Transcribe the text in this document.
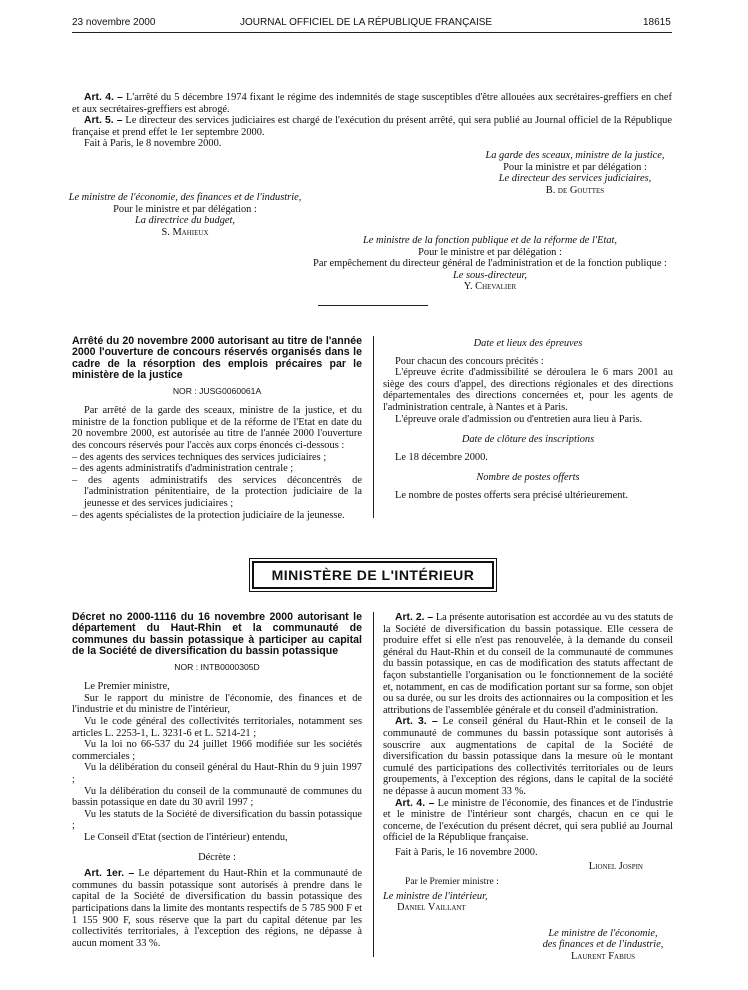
23 novembre 2000	JOURNAL OFFICIEL DE LA RÉPUBLIQUE FRANÇAISE	18615

Art. 4. – L'arrêté du 5 décembre 1974 fixant le régime des indemnités de stage susceptibles d'être allouées aux secrétaires-greffiers en chef et aux secrétaires-greffiers est abrogé.

Art. 5. – Le directeur des services judiciaires est chargé de l'exécution du présent arrêté, qui sera publié au Journal officiel de la République française et prend effet le 1er septembre 2000.

Fait à Paris, le 8 novembre 2000.

La garde des sceaux, ministre de la justice,

Pour la ministre et par délégation :

Le directeur des services judiciaires,

B. de Gouttes

Le ministre de l'économie, des finances et de l'industrie,

Pour le ministre et par délégation :

La directrice du budget,

S. Mahieux

Le ministre de la fonction publique et de la réforme de l'Etat,

Pour le ministre et par délégation :

Par empêchement du directeur général de l'administration et de la fonction publique :

Le sous-directeur,

Y. Chevalier

Arrêté du 20 novembre 2000 autorisant au titre de l'année 2000 l'ouverture de concours réservés organisés dans le cadre de la résorption des emplois précaires par le ministère de la justice

NOR : JUSG0060061A

Par arrêté de la garde des sceaux, ministre de la justice, et du ministre de la fonction publique et de la réforme de l'Etat en date du 20 novembre 2000, est autorisée au titre de l'année 2000 l'ouverture des concours réservés pour l'accès aux corps énoncés ci-dessous :

– des agents des services techniques des services judiciaires ;

– des agents administratifs d'administration centrale ;

– des agents administratifs des services déconcentrés de l'administration pénitentiaire, de la protection judiciaire de la jeunesse et des services judiciaires ;

– des agents spécialistes de la protection judiciaire de la jeunesse.

Date et lieux des épreuves

Pour chacun des concours précités :

L'épreuve écrite d'admissibilité se déroulera le 6 mars 2001 au siège des cours d'appel, des directions régionales et des directions départementales des directions concernées et, pour les agents de l'administration centrale, à Nantes et à Paris.

L'épreuve orale d'admission ou d'entretien aura lieu à Paris.

Date de clôture des inscriptions

Le 18 décembre 2000.

Nombre de postes offerts

Le nombre de postes offerts sera précisé ultérieurement.

MINISTÈRE DE L'INTÉRIEUR

Décret no 2000-1116 du 16 novembre 2000 autorisant le département du Haut-Rhin et la communauté de communes du bassin potassique à participer au capital de la Société de diversification du bassin potassique

NOR : INTB0000305D

Le Premier ministre,

Sur le rapport du ministre de l'économie, des finances et de l'industrie et du ministre de l'intérieur,

Vu le code général des collectivités territoriales, notamment ses articles L. 2253-1, L. 3231-6 et L. 5214-21 ;

Vu la loi no 66-537 du 24 juillet 1966 modifiée sur les sociétés commerciales ;

Vu la délibération du conseil général du Haut-Rhin du 9 juin 1997 ;

Vu la délibération du conseil de la communauté de communes du bassin potassique en date du 30 avril 1997 ;

Vu les statuts de la Société de diversification du bassin potassique ;

Le Conseil d'Etat (section de l'intérieur) entendu,

Décrète :

Art. 1er. – Le département du Haut-Rhin et la communauté de communes du bassin potassique sont autorisés à prendre dans le capital de la Société de diversification du bassin potassique des participations dans la limite des montants respectifs de 5 785 900 F et 1 155 900 F, sous réserve que la part du capital détenue par les collectivités territoriales, à l'exception des régions, ne dépasse à aucun moment 33 %.

Art. 2. – La présente autorisation est accordée au vu des statuts de la Société de diversification du bassin potassique. Elle cessera de produire effet si elle n'est pas renouvelée, à la demande du conseil général du Haut-Rhin et du conseil de la communauté de communes du bassin potassique, en cas de modification des statuts affectant de façon substantielle l'organisation ou le fonctionnement de la société et, notamment, en cas de modification portant sur sa forme, son objet ou sa durée, ou sur les droits des actionnaires ou la composition et les attributions de l'assemblée générale et du conseil d'administration.

Art. 3. – Le conseil général du Haut-Rhin et le conseil de la communauté de communes du bassin potassique sont autorisés à souscrire aux augmentations de capital de la Société de diversification du bassin potassique dans la mesure où le montant cumulé des participations des collectivités territoriales ou de leurs groupements, à l'exception des régions, dans le capital de la société ne dépasse à aucun moment 33 %.

Art. 4. – Le ministre de l'économie, des finances et de l'industrie et le ministre de l'intérieur sont chargés, chacun en ce qui le concerne, de l'exécution du présent décret, qui sera publié au Journal officiel de la République française.

Fait à Paris, le 16 novembre 2000.

Lionel Jospin

Par le Premier ministre :

Le ministre de l'intérieur,

Daniel Vaillant

Le ministre de l'économie,

des finances et de l'industrie,

Laurent Fabius
